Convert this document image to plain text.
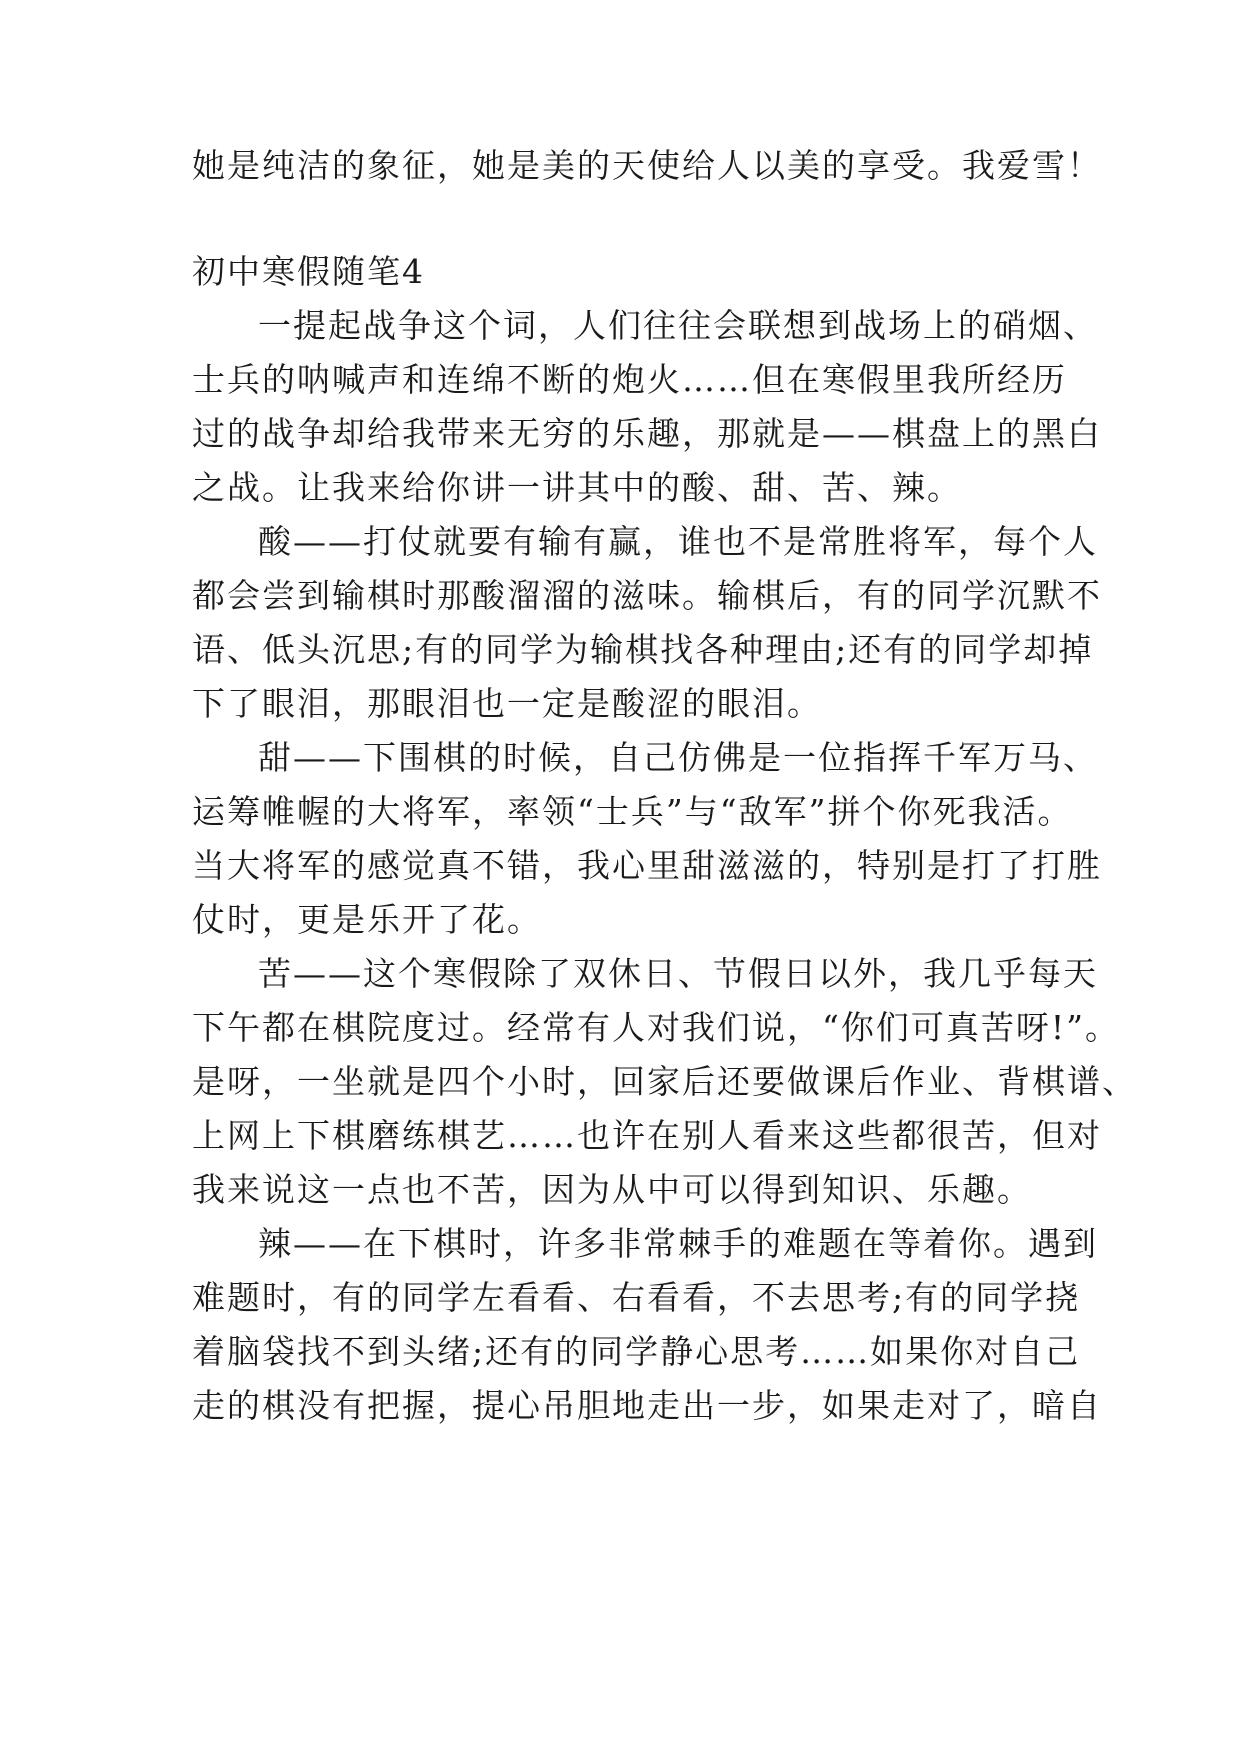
她是纯洁的象征，她是美的天使给人以美的享受。我爱雪！
初中寒假随笔4
一提起战争这个词，人们往往会联想到战场上的硝烟、
士兵的呐喊声和连绵不断的炮火……但在寒假里我所经历
过的战争却给我带来无穷的乐趣，那就是——棋盘上的黑白
之战。让我来给你讲一讲其中的酸、甜、苦、辣。
酸——打仗就要有输有赢，谁也不是常胜将军，每个人
都会尝到输棋时那酸溜溜的滋味。输棋后，有的同学沉默不
语、低头沉思;有的同学为输棋找各种理由;还有的同学却掉
下了眼泪，那眼泪也一定是酸涩的眼泪。
甜——下围棋的时候，自己仿佛是一位指挥千军万马、
运筹帷幄的大将军，率领“士兵”与“敌军”拼个你死我活。
当大将军的感觉真不错，我心里甜滋滋的，特别是打了打胜
仗时，更是乐开了花。
苦——这个寒假除了双休日、节假日以外，我几乎每天
下午都在棋院度过。经常有人对我们说，“你们可真苦呀!”。
是呀，一坐就是四个小时，回家后还要做课后作业、背棋谱、
上网上下棋磨练棋艺……也许在别人看来这些都很苦，但对
我来说这一点也不苦，因为从中可以得到知识、乐趣。
辣——在下棋时，许多非常棘手的难题在等着你。遇到
难题时，有的同学左看看、右看看，不去思考;有的同学挠
着脑袋找不到头绪;还有的同学静心思考……如果你对自己
走的棋没有把握，提心吊胆地走出一步，如果走对了，暗自
